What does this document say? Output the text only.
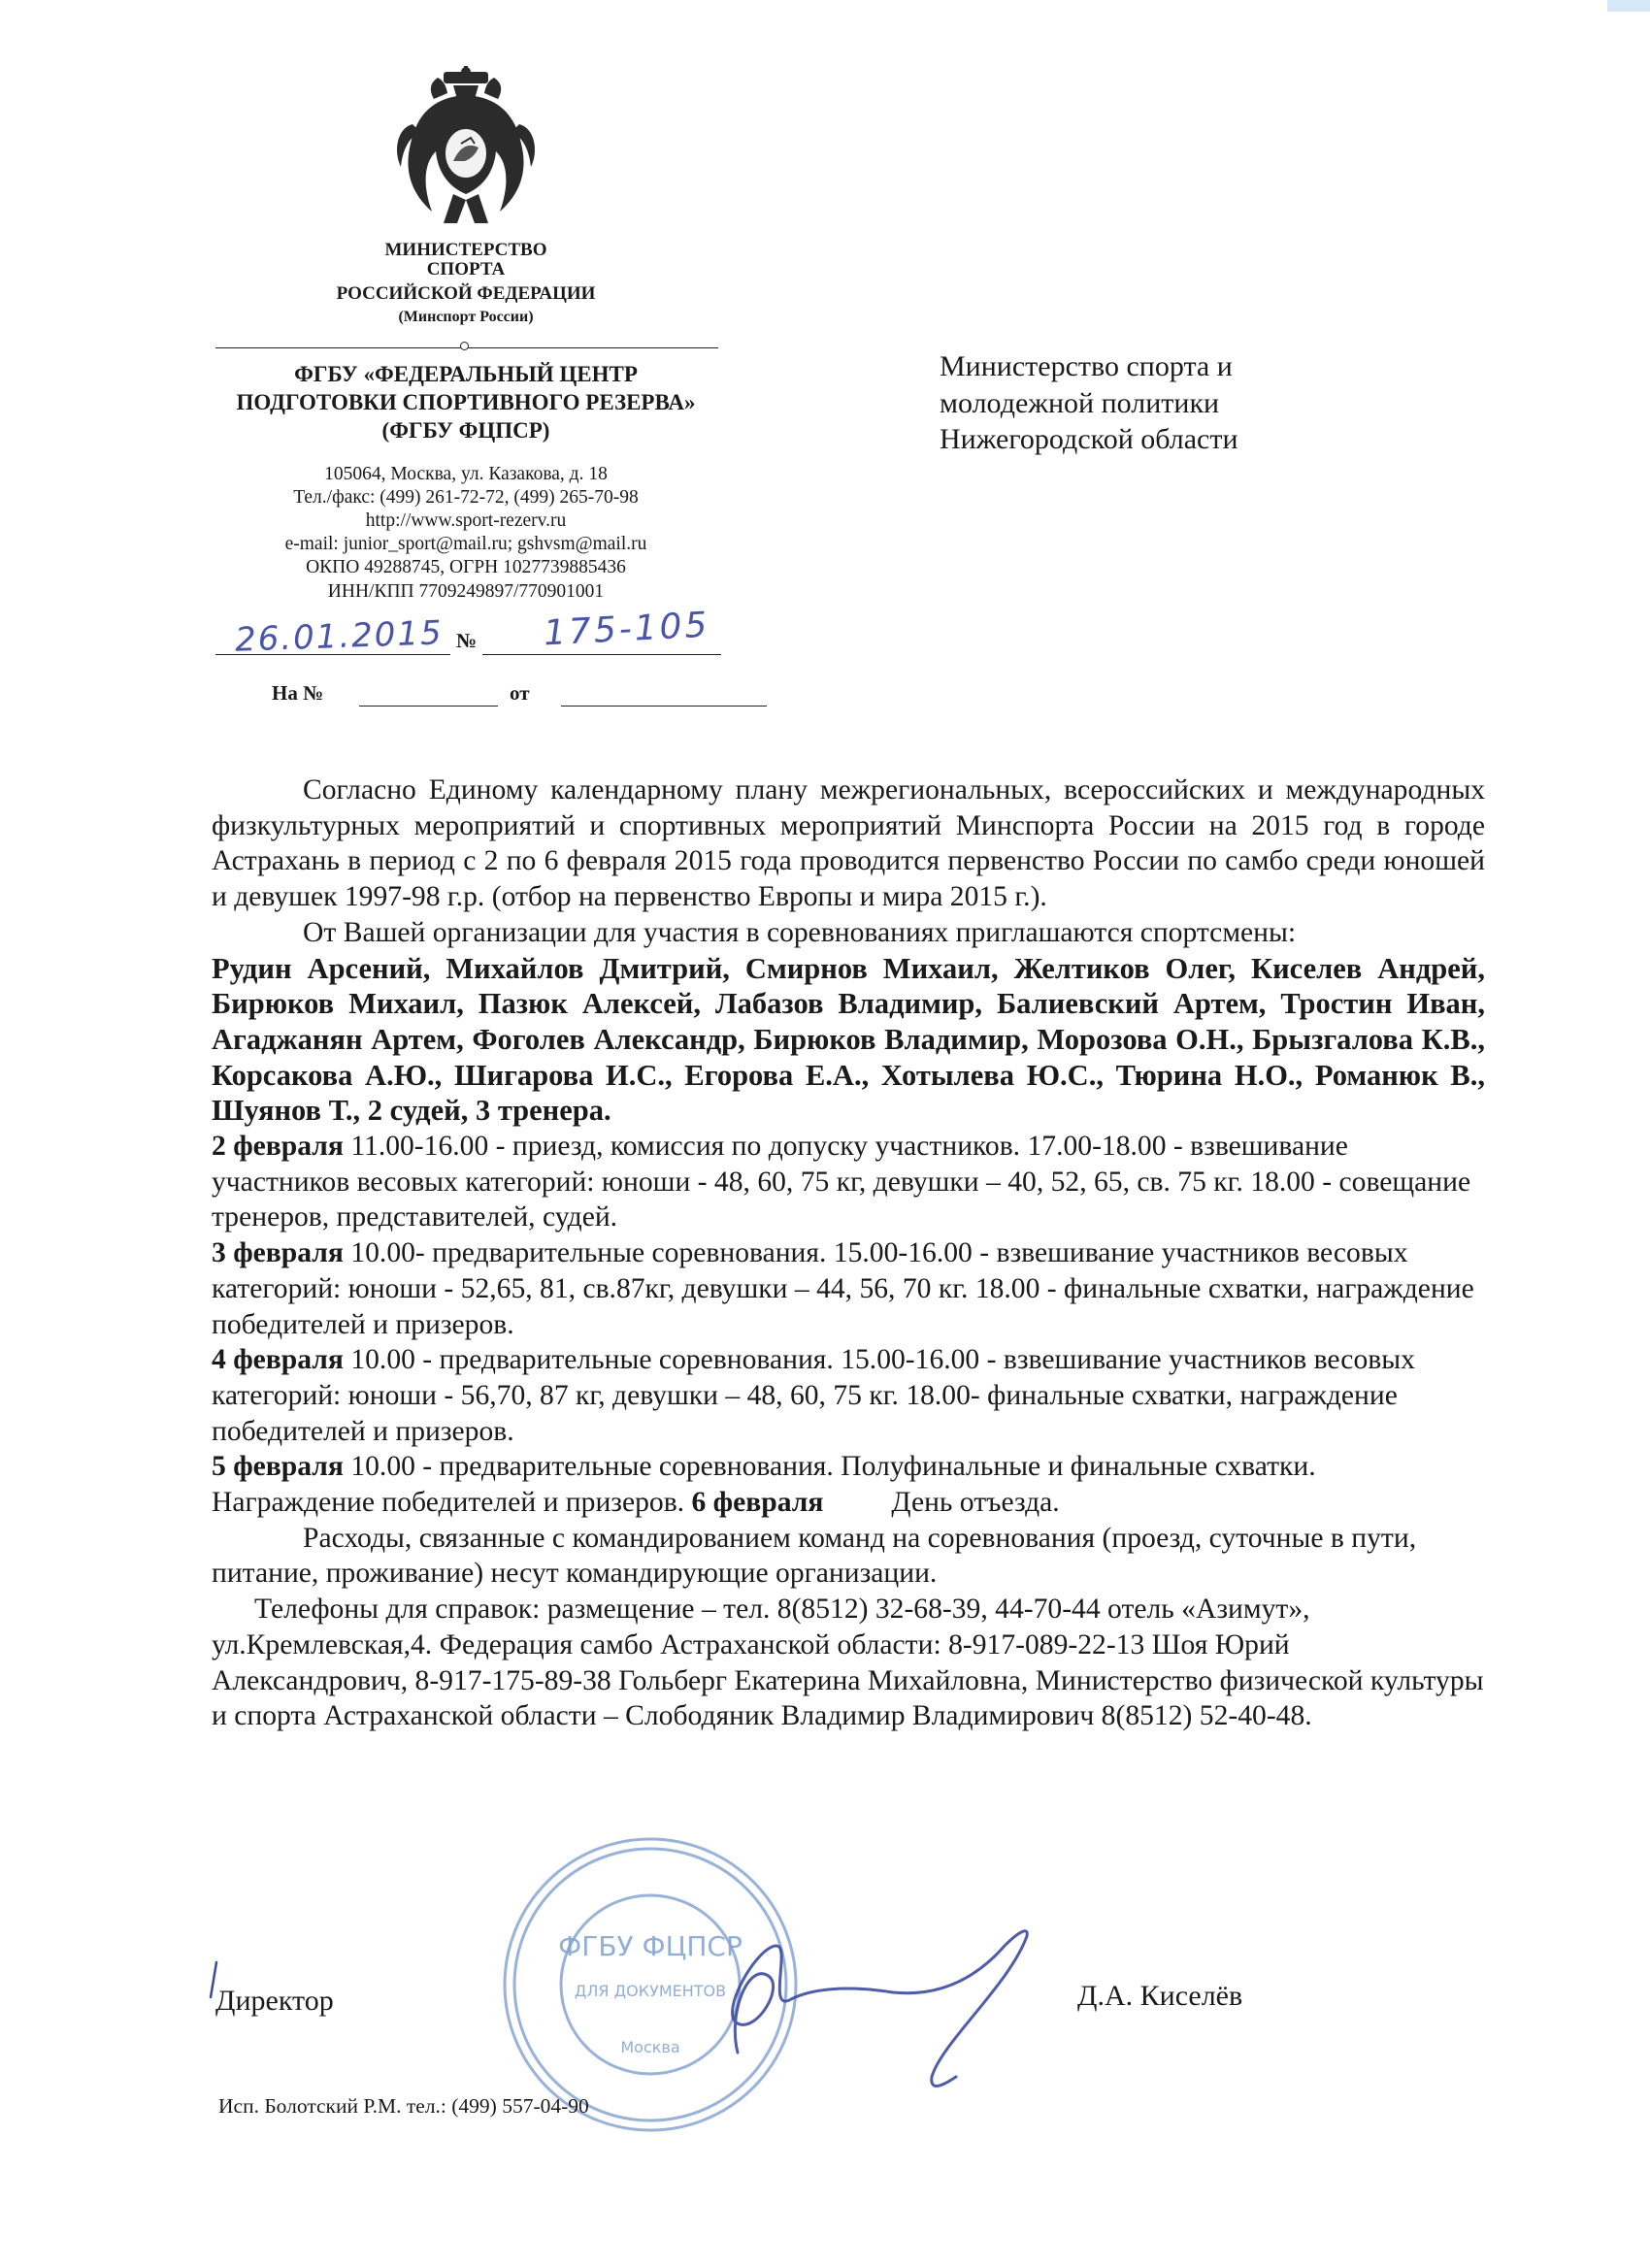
МИНИСТЕРСТВО
СПОРТА
РОССИЙСКОЙ ФЕДЕРАЦИИ
(Минспорт России)
ФГБУ «ФЕДЕРАЛЬНЫЙ ЦЕНТР
ПОДГОТОВКИ СПОРТИВНОГО РЕЗЕРВА»
(ФГБУ ФЦПСР)
105064, Москва, ул. Казакова, д. 18
Тел./факс: (499) 261-72-72, (499) 265-70-98
http://www.sport-rezerv.ru
e-mail: junior_sport@mail.ru; gshvsm@mail.ru
ОКПО 49288745, ОГРН 1027739885436
ИНН/КПП 7709249897/770901001
26.01.2015 № 175-105
На №	от
Министерство спорта и
молодежной политики
Нижегородской области

Согласно Единому календарному плану межрегиональных, всероссийских и международных физкультурных мероприятий и спортивных мероприятий Минспорта России на 2015 год в городе Астрахань в период с 2 по 6 февраля 2015 года проводится первенство России по самбо среди юношей и девушек 1997-98 г.р. (отбор на первенство Европы и мира 2015 г.).

От Вашей организации для участия в соревнованиях приглашаются спортсмены:

Рудин Арсений, Михайлов Дмитрий, Смирнов Михаил, Желтиков Олег, Киселев Андрей, Бирюков Михаил, Пазюк Алексей, Лабазов Владимир, Балиевский Артем, Тростин Иван, Агаджанян Артем, Фоголев Александр, Бирюков Владимир, Морозова О.Н., Брызгалова К.В., Корсакова А.Ю., Шигарова И.С., Егорова Е.А., Хотылева Ю.С., Тюрина Н.О., Романюк В., Шуянов Т., 2 судей, 3 тренера.

2 февраля 11.00-16.00 - приезд, комиссия по допуску участников. 17.00-18.00 - взвешивание участников весовых категорий: юноши - 48, 60, 75 кг, девушки – 40, 52, 65, св. 75 кг. 18.00 - совещание тренеров, представителей, судей.

3 февраля 10.00- предварительные соревнования. 15.00-16.00 - взвешивание участников весовых категорий: юноши - 52,65, 81, св.87кг, девушки – 44, 56, 70 кг. 18.00 - финальные схватки, награждение победителей и призеров.

4 февраля 10.00 - предварительные соревнования. 15.00-16.00 - взвешивание участников весовых категорий: юноши - 56,70, 87 кг, девушки – 48, 60, 75 кг. 18.00- финальные схватки, награждение победителей и призеров.

5 февраля 10.00 - предварительные соревнования. Полуфинальные и финальные схватки. Награждение победителей и призеров. 6 февраля День отъезда.

Расходы, связанные с командированием команд на соревнования (проезд, суточные в пути, питание, проживание) несут командирующие организации.

Телефоны для справок: размещение – тел. 8(8512) 32-68-39, 44-70-44 отель «Азимут», ул.Кремлевская,4. Федерация самбо Астраханской области: 8-917-089-22-13 Шоя Юрий Александрович, 8-917-175-89-38 Гольберг Екатерина Михайловна, Министерство физической культуры и спорта Астраханской области – Слободяник Владимир Владимирович 8(8512) 52-40-48.

ФГБУ ФЦПСР
ДЛЯ ДОКУМЕНТОВ
Москва
Директор	Д.А. Киселёв
Исп. Болотский Р.М. тел.: (499) 557-04-90
